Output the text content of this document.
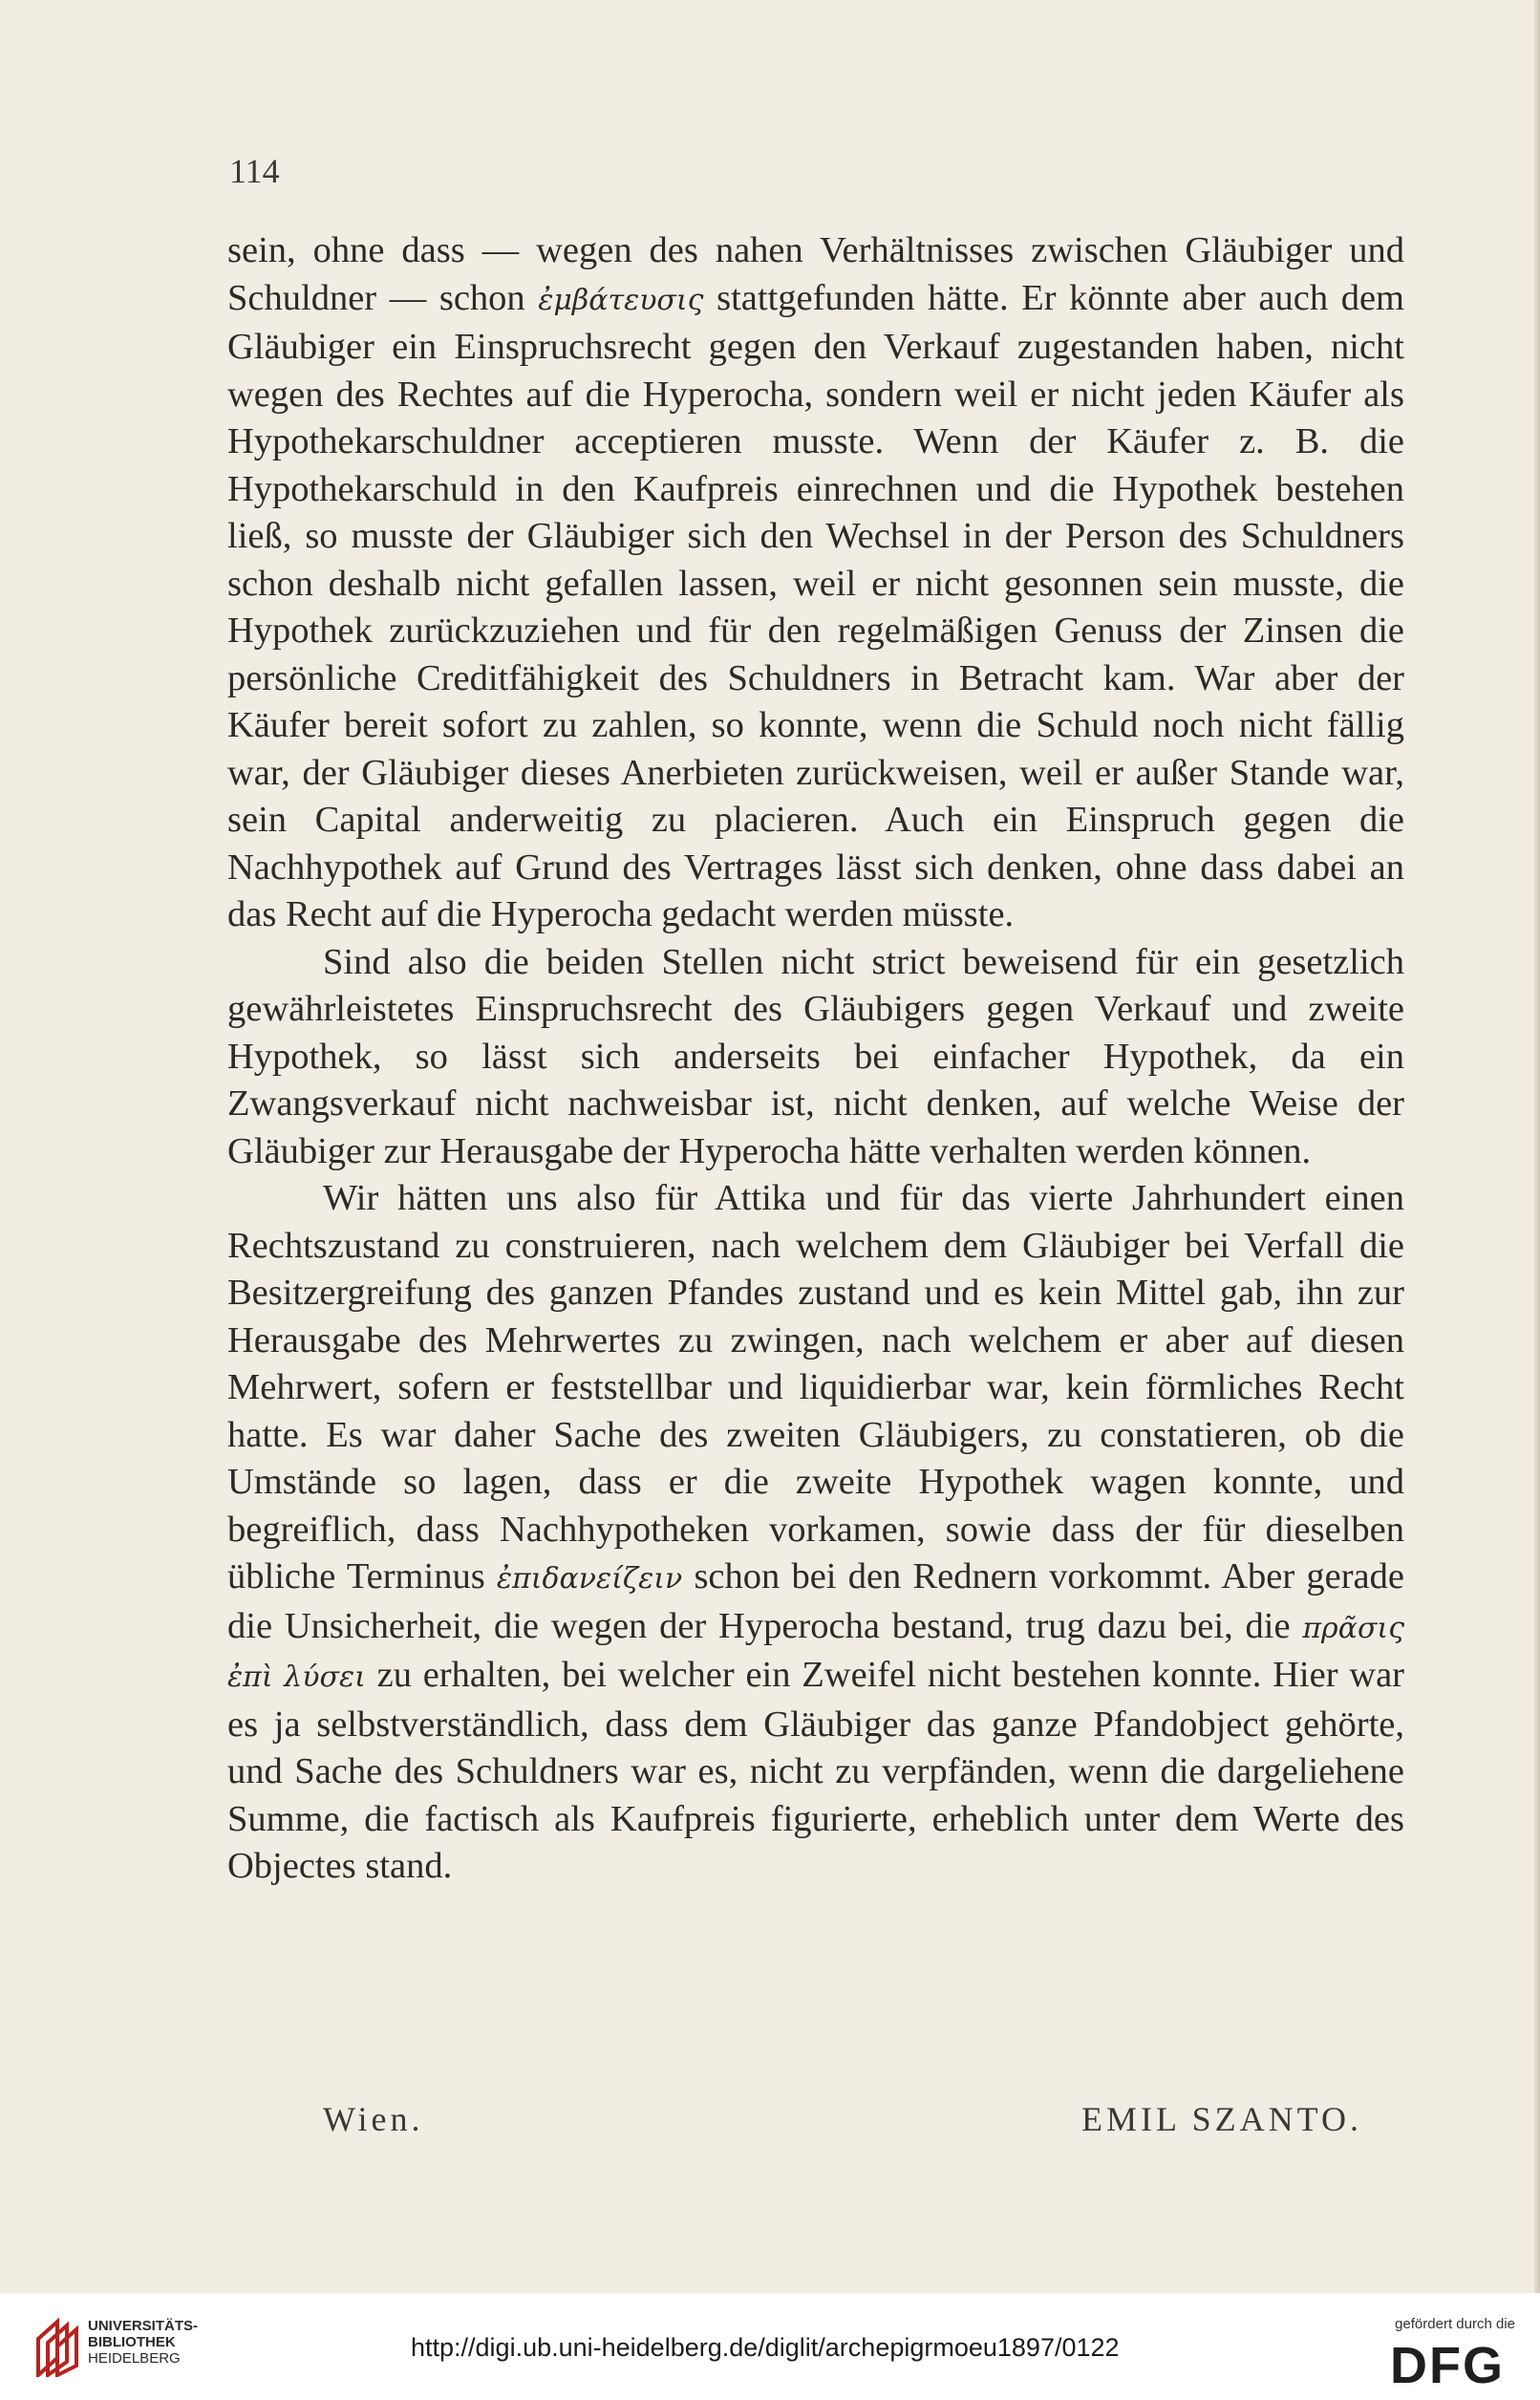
114

sein, ohne dass — wegen des nahen Verhältnisses zwischen Gläubiger und Schuldner — schon ἐμβάτευσις stattgefunden hätte. Er könnte aber auch dem Gläubiger ein Einspruchsrecht gegen den Verkauf zugestanden haben, nicht wegen des Rechtes auf die Hyperocha, sondern weil er nicht jeden Käufer als Hypothekarschuldner acceptieren musste. Wenn der Käufer z. B. die Hypothekarschuld in den Kaufpreis einrechnen und die Hypothek bestehen ließ, so musste der Gläubiger sich den Wechsel in der Person des Schuldners schon deshalb nicht gefallen lassen, weil er nicht gesonnen sein musste, die Hypothek zurückzuziehen und für den regelmäßigen Genuss der Zinsen die persönliche Creditfähigkeit des Schuldners in Betracht kam. War aber der Käufer bereit sofort zu zahlen, so konnte, wenn die Schuld noch nicht fällig war, der Gläubiger dieses Anerbieten zurückweisen, weil er außer Stande war, sein Capital anderweitig zu placieren. Auch ein Einspruch gegen die Nachhypothek auf Grund des Vertrages lässt sich denken, ohne dass dabei an das Recht auf die Hyperocha gedacht werden müsste.

Sind also die beiden Stellen nicht strict beweisend für ein gesetzlich gewährleistetes Einspruchsrecht des Gläubigers gegen Verkauf und zweite Hypothek, so lässt sich anderseits bei einfacher Hypothek, da ein Zwangsverkauf nicht nachweisbar ist, nicht denken, auf welche Weise der Gläubiger zur Herausgabe der Hyperocha hätte verhalten werden können.

Wir hätten uns also für Attika und für das vierte Jahrhundert einen Rechtszustand zu construieren, nach welchem dem Gläubiger bei Verfall die Besitzergreifung des ganzen Pfandes zustand und es kein Mittel gab, ihn zur Herausgabe des Mehrwertes zu zwingen, nach welchem er aber auf diesen Mehrwert, sofern er feststellbar und liquidierbar war, kein förmliches Recht hatte. Es war daher Sache des zweiten Gläubigers, zu constatieren, ob die Umstände so lagen, dass er die zweite Hypothek wagen konnte, und begreiflich, dass Nachhypotheken vorkamen, sowie dass der für dieselben übliche Terminus ἐπιδανείζειν schon bei den Rednern vorkommt. Aber gerade die Unsicherheit, die wegen der Hyperocha bestand, trug dazu bei, die πρᾶσις ἐπὶ λύσει zu erhalten, bei welcher ein Zweifel nicht bestehen konnte. Hier war es ja selbstverständlich, dass dem Gläubiger das ganze Pfandobject gehörte, und Sache des Schuldners war es, nicht zu verpfänden, wenn die dargeliehene Summe, die factisch als Kaufpreis figurierte, erheblich unter dem Werte des Objectes stand.

Wien.	EMIL SZANTO.
UNIVERSITÄTS-
BIBLIOTHEK
HEIDELBERG	http://digi.ub.uni-heidelberg.de/diglit/archepigrmoeu1897/0122
gefördert durch die
DFG
